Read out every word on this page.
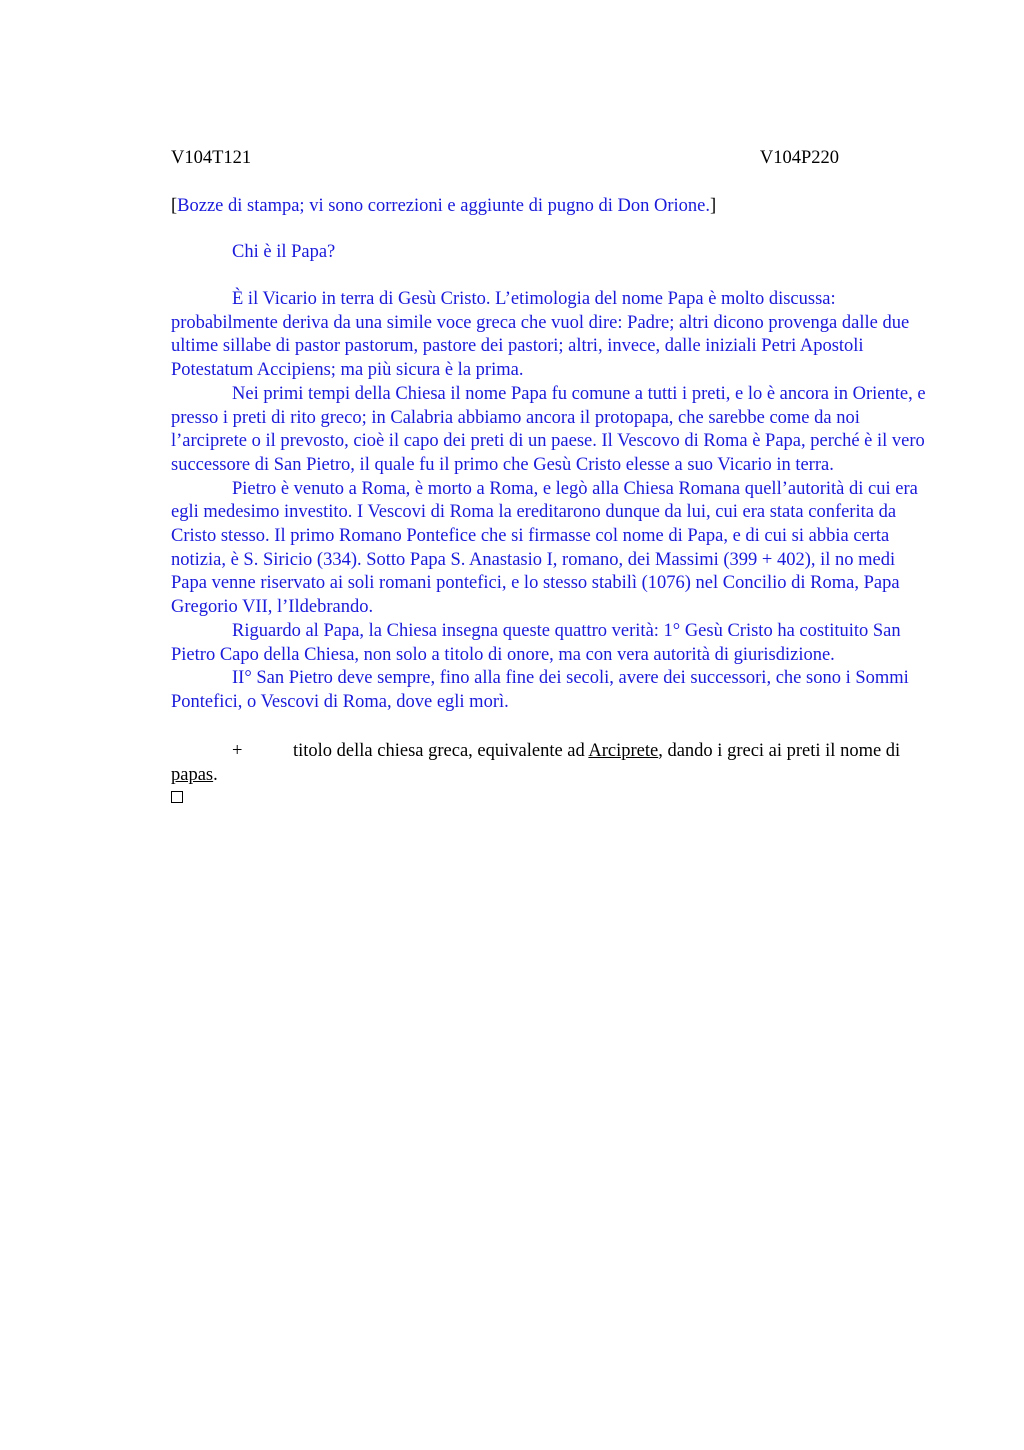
V104T121	V104P220
[Bozze di stampa; vi sono correzioni e aggiunte di pugno di Don Orione.]
Chi è il Papa?

È il Vicario in terra di Gesù Cristo. L’etimologia del nome Papa è molto discussa: probabilmente deriva da una simile voce greca che vuol dire: Padre; altri dicono provenga dalle due ultime sillabe di pastor pastorum, pastore dei pastori; altri, invece, dalle iniziali Petri Apostoli Potestatum Accipiens; ma più sicura è la prima.

Nei primi tempi della Chiesa il nome Papa fu comune a tutti i preti, e lo è ancora in Oriente, e presso i preti di rito greco; in Calabria abbiamo ancora il protopapa, che sarebbe come da noi l’arciprete o il prevosto, cioè il capo dei preti di un paese. Il Vescovo di Roma è Papa, perché è il vero successore di San Pietro, il quale fu il primo che Gesù Cristo elesse a suo Vicario in terra.

Pietro è venuto a Roma, è morto a Roma, e legò alla Chiesa Romana quell’autorità di cui era egli medesimo investito. I Vescovi di Roma la ereditarono dunque da lui, cui era stata conferita da Cristo stesso. Il primo Romano Pontefice che si firmasse col nome di Papa, e di cui si abbia certa notizia, è S. Siricio (334). Sotto Papa S. Anastasio I, romano, dei Massimi (399 + 402), il no medi Papa venne riservato ai soli romani pontefici, e lo stesso stabilì (1076) nel Concilio di Roma, Papa Gregorio VII, l’Ildebrando.

Riguardo al Papa, la Chiesa insegna queste quattro verità: 1° Gesù Cristo ha costituito San Pietro Capo della Chiesa, non solo a titolo di onore, ma con vera autorità di giurisdizione.

II° San Pietro deve sempre, fino alla fine dei secoli, avere dei successori, che sono i Sommi Pontefici, o Vescovi di Roma, dove egli morì.

+	titolo della chiesa greca, equivalente ad Arciprete, dando i greci ai preti il nome di papas.
